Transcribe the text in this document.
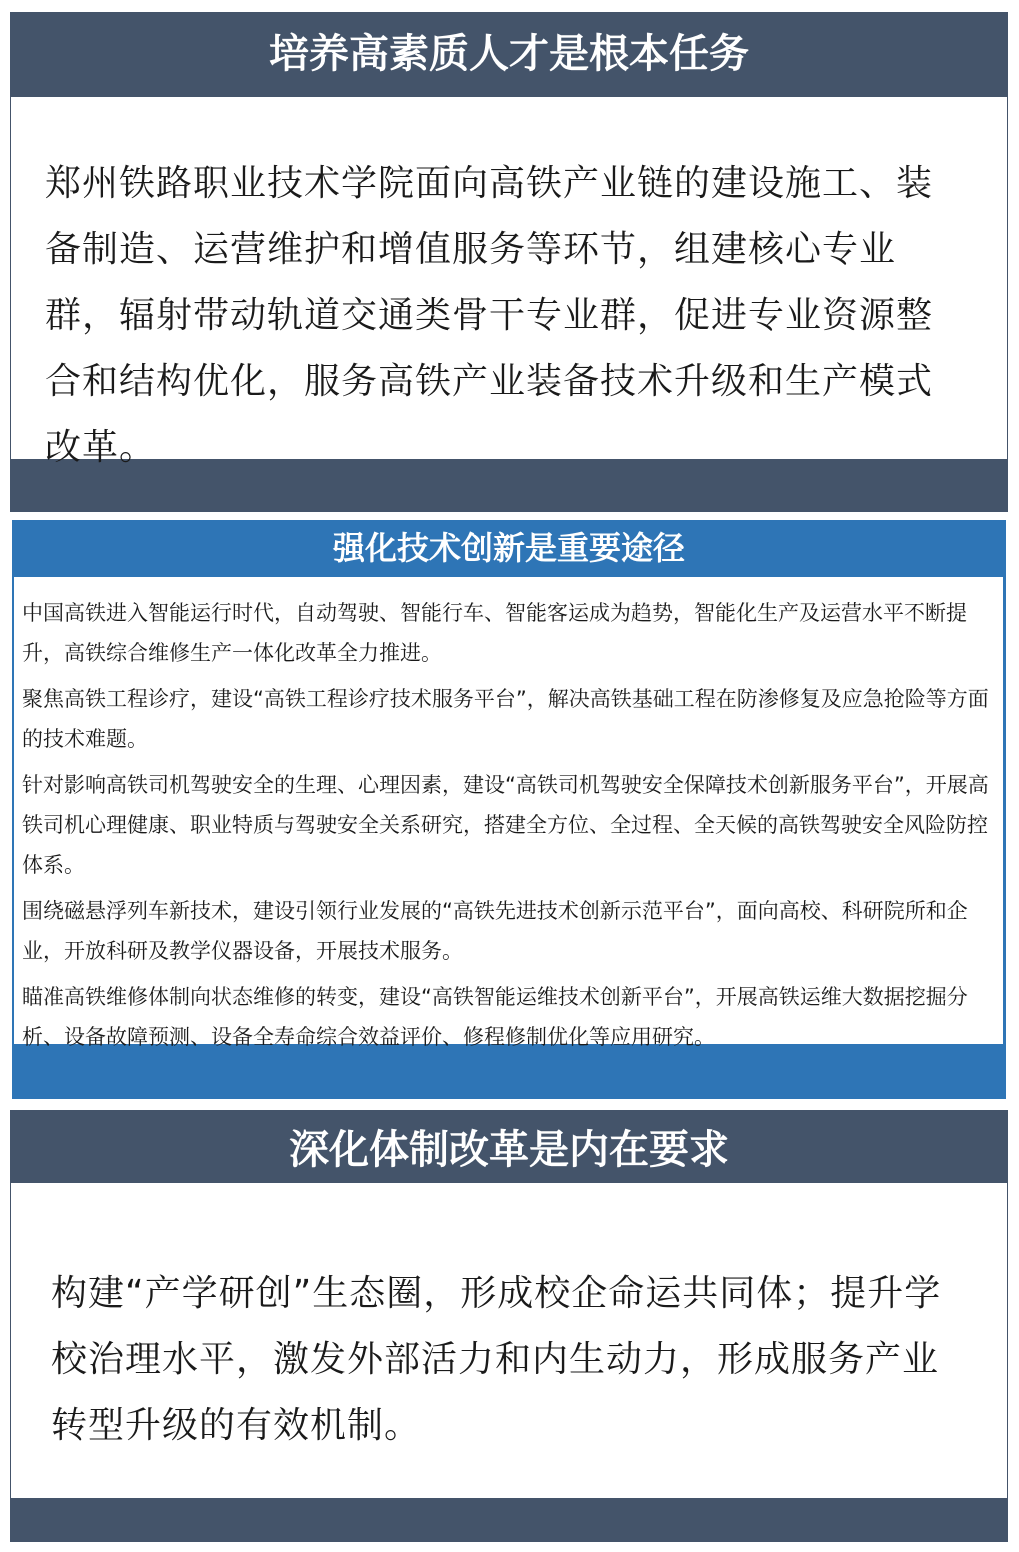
培养高素质人才是根本任务

郑州铁路职业技术学院面向高铁产业链的建设施工、装备制造、运营维护和增值服务等环节，组建核心专业群，辐射带动轨道交通类骨干专业群，促进专业资源整合和结构优化，服务高铁产业装备技术升级和生产模式改革。

强化技术创新是重要途径

中国高铁进入智能运行时代，自动驾驶、智能行车、智能客运成为趋势，智能化生产及运营水平不断提升，高铁综合维修生产一体化改革全力推进。

聚焦高铁工程诊疗，建设“高铁工程诊疗技术服务平台”，解决高铁基础工程在防渗修复及应急抢险等方面的技术难题。

针对影响高铁司机驾驶安全的生理、心理因素，建设“高铁司机驾驶安全保障技术创新服务平台”，开展高铁司机心理健康、职业特质与驾驶安全关系研究，搭建全方位、全过程、全天候的高铁驾驶安全风险防控体系。

围绕磁悬浮列车新技术，建设引领行业发展的“高铁先进技术创新示范平台”，面向高校、科研院所和企业，开放科研及教学仪器设备，开展技术服务。

瞄准高铁维修体制向状态维修的转变，建设“高铁智能运维技术创新平台”，开展高铁运维大数据挖掘分析、设备故障预测、设备全寿命综合效益评价、修程修制优化等应用研究。

深化体制改革是内在要求

构建“产学研创”生态圈，形成校企命运共同体；提升学校治理水平，激发外部活力和内生动力，形成服务产业转型升级的有效机制。
